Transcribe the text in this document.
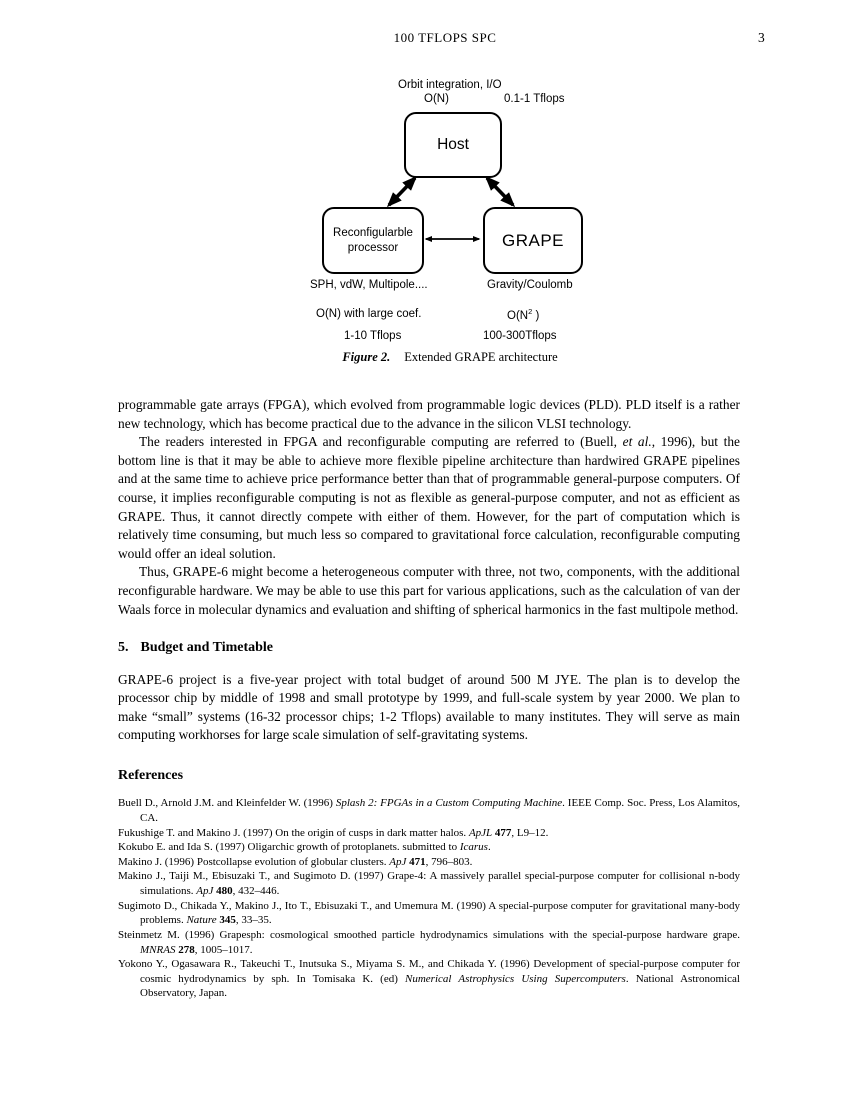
100 TFLOPS SPC	3
Orbit integration, I/O
O(N)	0.1-1 Tflops
Host
Reconfigularble
processor	GRAPE
SPH, vdW, Multipole....	Gravity/Coulomb
O(N) with large coef.	$O(N^2$ )
1-10 Tflops	100-300Tflops
Figure 2. Extended GRAPE architecture

programmable gate arrays (FPGA), which evolved from programmable logic devices (PLD). PLD itself is a rather new technology, which has become practical due to the advance in the silicon VLSI technology.

The readers interested in FPGA and reconfigurable computing are referred to (Buell, et al., 1996), but the bottom line is that it may be able to achieve more flexible pipeline architecture than hardwired GRAPE pipelines and at the same time to achieve price performance better than that of programmable general-purpose computers. Of course, it implies reconfigurable computing is not as flexible as general-purpose computer, and not as efficient as GRAPE. Thus, it cannot directly compete with either of them. However, for the part of computation which is relatively time consuming, but much less so compared to gravitational force calculation, reconfigurable computing would offer an ideal solution.

Thus, GRAPE-6 might become a heterogeneous computer with three, not two, components, with the additional reconfigurable hardware. We may be able to use this part for various applications, such as the calculation of van der Waals force in molecular dynamics and evaluation and shifting of spherical harmonics in the fast multipole method.

5. Budget and Timetable

GRAPE-6 project is a five-year project with total budget of around 500 M JYE. The plan is to develop the processor chip by middle of 1998 and small prototype by 1999, and full-scale system by year 2000. We plan to make “small” systems (16-32 processor chips; 1-2 Tflops) available to many institutes. They will serve as main computing workhorses for large scale simulation of self-gravitating systems.

References
Buell D., Arnold J.M. and Kleinfelder W. (1996) Splash 2: FPGAs in a Custom Computing Machine. IEEE Comp. Soc. Press, Los Alamitos, CA.
Fukushige T. and Makino J. (1997) On the origin of cusps in dark matter halos. ApJL 477, L9–12.
Kokubo E. and Ida S. (1997) Oligarchic growth of protoplanets. submitted to Icarus.
Makino J. (1996) Postcollapse evolution of globular clusters. ApJ 471, 796–803.
Makino J., Taiji M., Ebisuzaki T., and Sugimoto D. (1997) Grape-4: A massively parallel special-purpose computer for collisional n-body simulations. ApJ 480, 432–446.
Sugimoto D., Chikada Y., Makino J., Ito T., Ebisuzaki T., and Umemura M. (1990) A special-purpose computer for gravitational many-body problems. Nature 345, 33–35.
Steinmetz M. (1996) Grapesph: cosmological smoothed particle hydrodynamics simulations with the special-purpose hardware grape. MNRAS 278, 1005–1017.
Yokono Y., Ogasawara R., Takeuchi T., Inutsuka S., Miyama S. M., and Chikada Y. (1996) Development of special-purpose computer for cosmic hydrodynamics by sph. In Tomisaka K. (ed) Numerical Astrophysics Using Supercomputers. National Astronomical Observatory, Japan.
